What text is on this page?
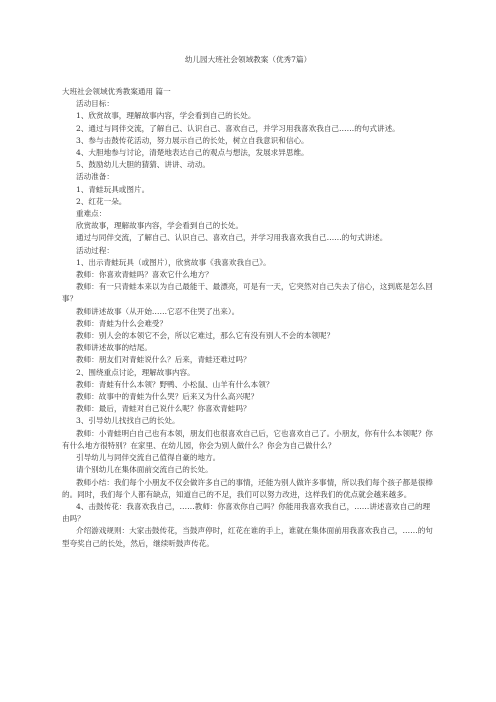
幼儿园大班社会领域教案（优秀7篇）

大班社会领域优秀教案通用 篇一

活动目标：

1、欣赏故事，理解故事内容，学会看到自己的长处。

2、通过与同伴交流，了解自己、认识自己、喜欢自己，并学习用我喜欢我自己……的句式讲述。

3、参与击鼓传花活动，努力展示自己的长处，树立自我意识和信心。

4、大胆地参与讨论，清楚地表达自己的观点与想法，发展求异思维。

5、鼓励幼儿大胆的猜猜、讲讲、动动。

活动准备：

1、青蛙玩具或图片。

2、红花一朵。

重难点：

欣赏故事，理解故事内容，学会看到自己的长处。

通过与同伴交流，了解自己、认识自己、喜欢自己，并学习用我喜欢我自己……的句式讲述。

活动过程：

1、出示青蛙玩具（或图片），欣赏故事《我喜欢我自己》。

教师：你喜欢青蛙吗？喜欢它什么地方？

教师：有一只青蛙本来以为自己最能干、最漂亮，可是有一天，它突然对自己失去了信心，这到底是怎么回事？

教师讲述故事（从开始……它忍不住哭了出来）。

教师：青蛙为什么会难受？

教师：别人会的本领它不会，所以它难过，那么它有没有别人不会的本领呢？

教师讲述故事的结尾。

教师：朋友们对青蛙说什么？后来，青蛙还难过吗？

2、围绕重点讨论，理解故事内容。

教师：青蛙有什么本领？野鸭、小松鼠、山羊有什么本领？

教师：故事中的青蛙为什么哭？后来又为什么高兴呢？

教师：最后，青蛙对自己说什么呢？你喜欢青蛙吗？

3、引导幼儿找找自己的长处。

教师：小青蛙明白自己也有本领，朋友们也很喜欢自己后，它也喜欢自己了。小朋友，你有什么本领呢？你有什么地方很特别？在家里、在幼儿园，你会为别人做什么？你会为自己做什么？

引导幼儿与同伴交流自己值得自豪的地方。

请个别幼儿在集体面前交流自己的长处。

教师小结：我们每个小朋友不仅会做许多自己的事情，还能为别人做许多事情，所以我们每个孩子都是很棒的。同时，我们每个人都有缺点，知道自己的不足，我们可以努力改进，这样我们的优点就会越来越多。

4、击鼓传花：我喜欢我自己，……教师：你喜欢你自己吗？你能用我喜欢我自己，……讲述喜欢自己的理由吗？

介绍游戏规则：大家击鼓传花，当鼓声停时，红花在谁的手上，谁就在集体面前用我喜欢我自己，……的句型夸奖自己的长处，然后，继续听鼓声传花。
